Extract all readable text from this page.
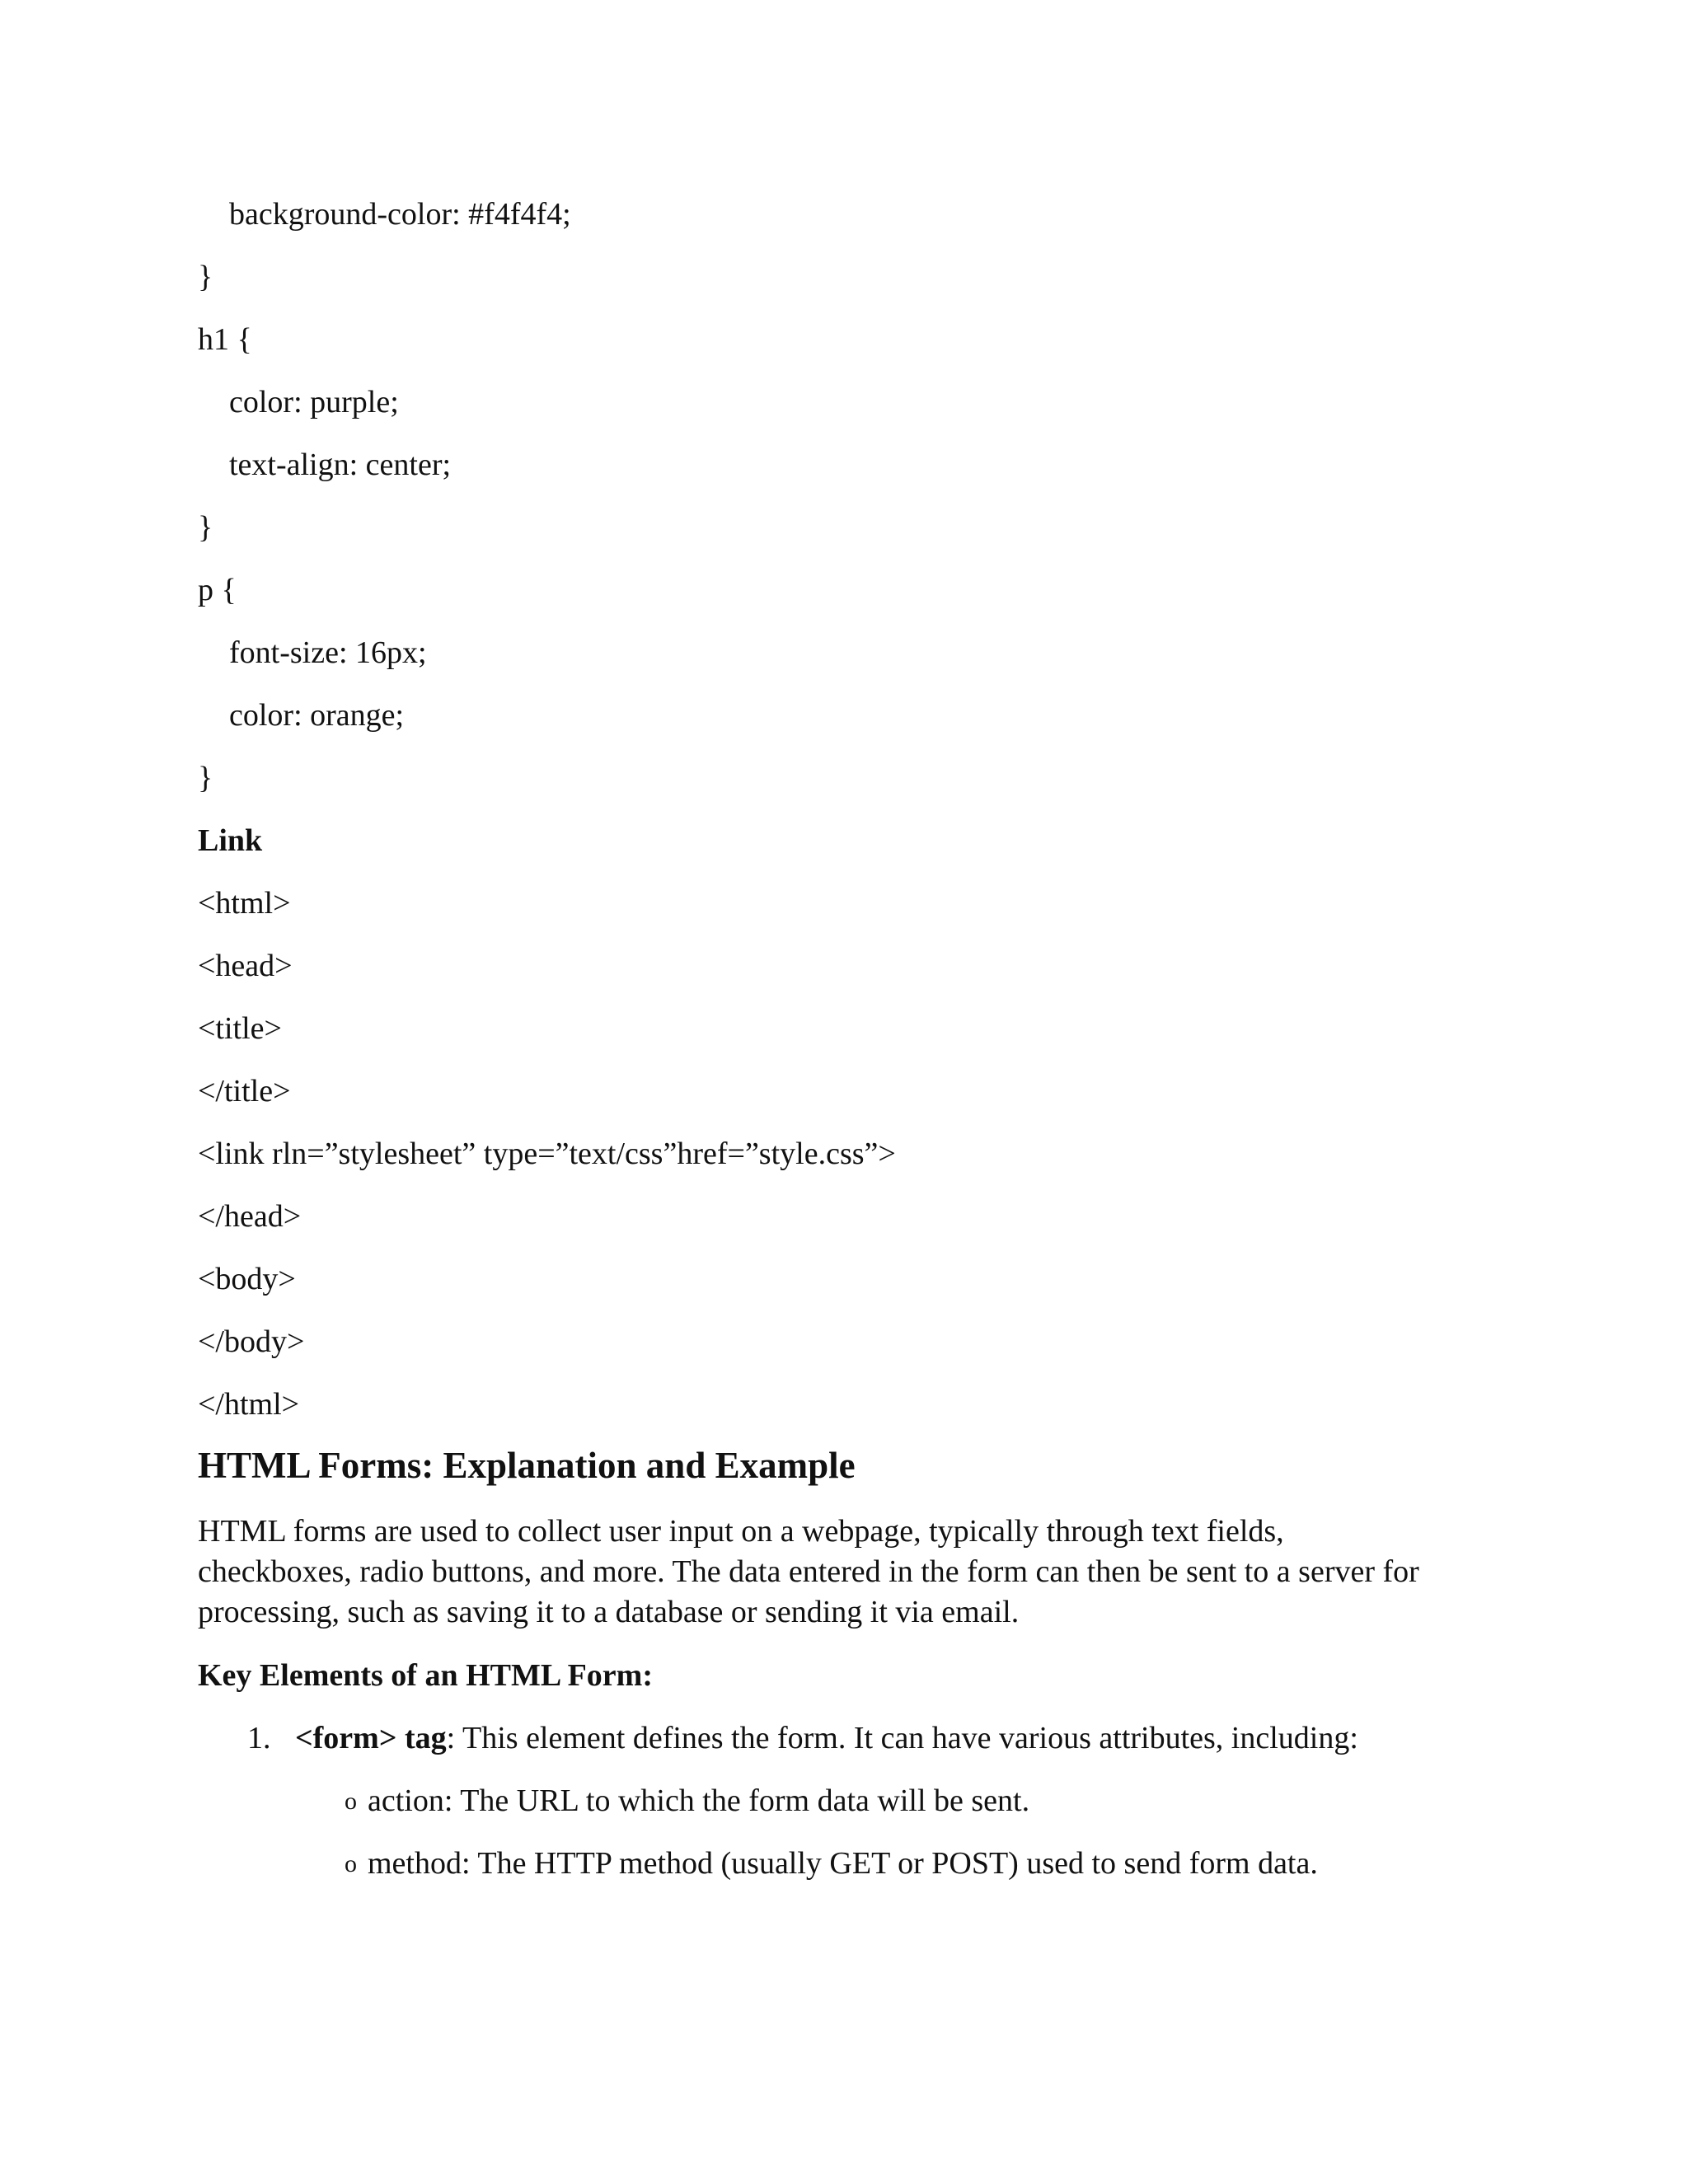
background-color: #f4f4f4;
}
h1 {
color: purple;
text-align: center;
}
p {
font-size: 16px;
color: orange;
}
Link
<html>
<head>
<title>
</title>
<link rln=”stylesheet” type=”text/css”href=”style.css”>
</head>
<body>
</body>
</html>
HTML Forms: Explanation and Example
HTML forms are used to collect user input on a webpage, typically through text fields,
checkboxes, radio buttons, and more. The data entered in the form can then be sent to a server for
processing, such as saving it to a database or sending it via email.
Key Elements of an HTML Form:
1. <form> tag: This element defines the form. It can have various attributes, including:
o action: The URL to which the form data will be sent.
o method: The HTTP method (usually GET or POST) used to send form data.
